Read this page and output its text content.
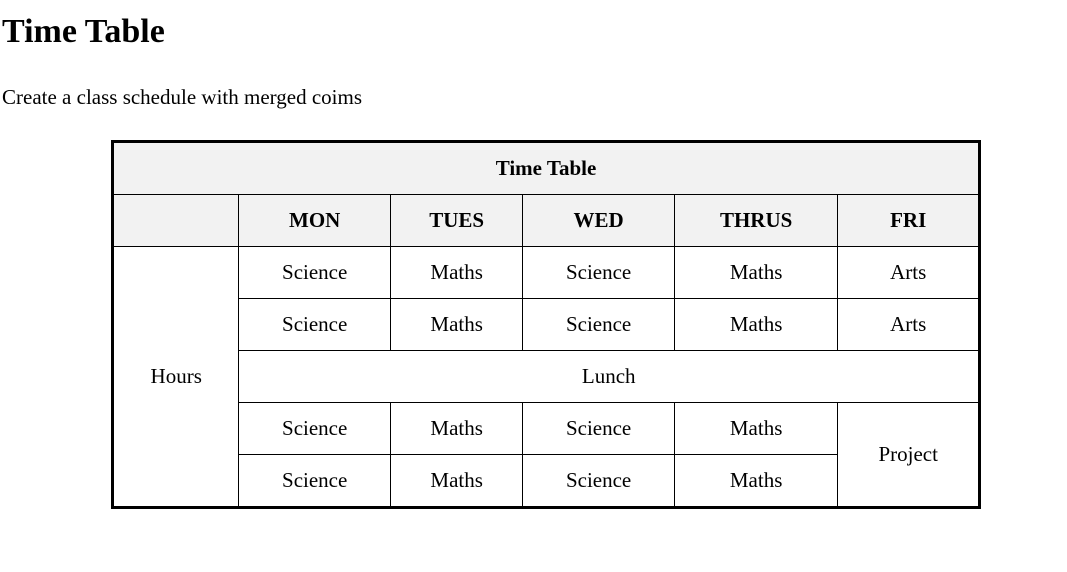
Time Table

Create a class schedule with merged coims

Time Table					
	MON	TUES	WED	THRUS	FRI
Hours	Science	Maths	Science	Maths	Arts
	Science	Maths	Science	Maths	Arts
	Lunch				
	Science	Maths	Science	Maths	Project
	Science	Maths	Science	Maths	
